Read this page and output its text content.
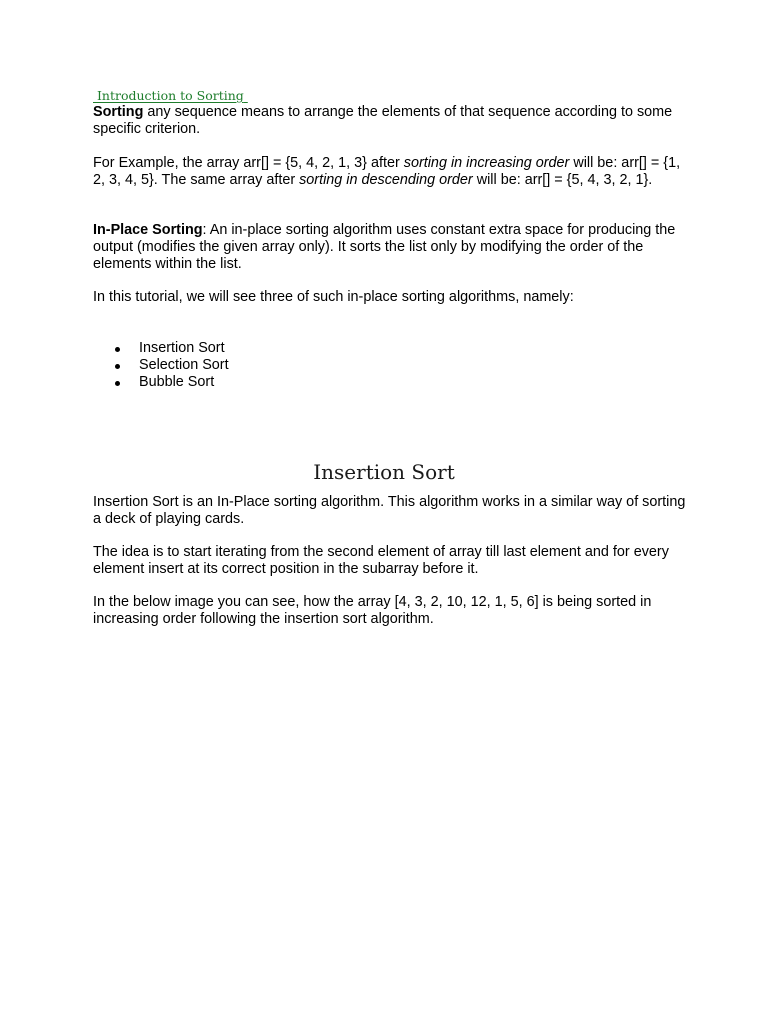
Introduction to Sorting
Sorting any sequence means to arrange the elements of that sequence according to some specific criterion.
For Example, the array arr[] = {5, 4, 2, 1, 3} after sorting in increasing order will be: arr[] = {1, 2, 3, 4, 5}. The same array after sorting in descending order will be: arr[] = {5, 4, 3, 2, 1}.
In-Place Sorting: An in-place sorting algorithm uses constant extra space for producing the output (modifies the given array only). It sorts the list only by modifying the order of the elements within the list.
In this tutorial, we will see three of such in-place sorting algorithms, namely:
Insertion Sort
Selection Sort
Bubble Sort
Insertion Sort
Insertion Sort is an In-Place sorting algorithm. This algorithm works in a similar way of sorting a deck of playing cards.
The idea is to start iterating from the second element of array till last element and for every element insert at its correct position in the subarray before it.
In the below image you can see, how the array [4, 3, 2, 10, 12, 1, 5, 6] is being sorted in increasing order following the insertion sort algorithm.
